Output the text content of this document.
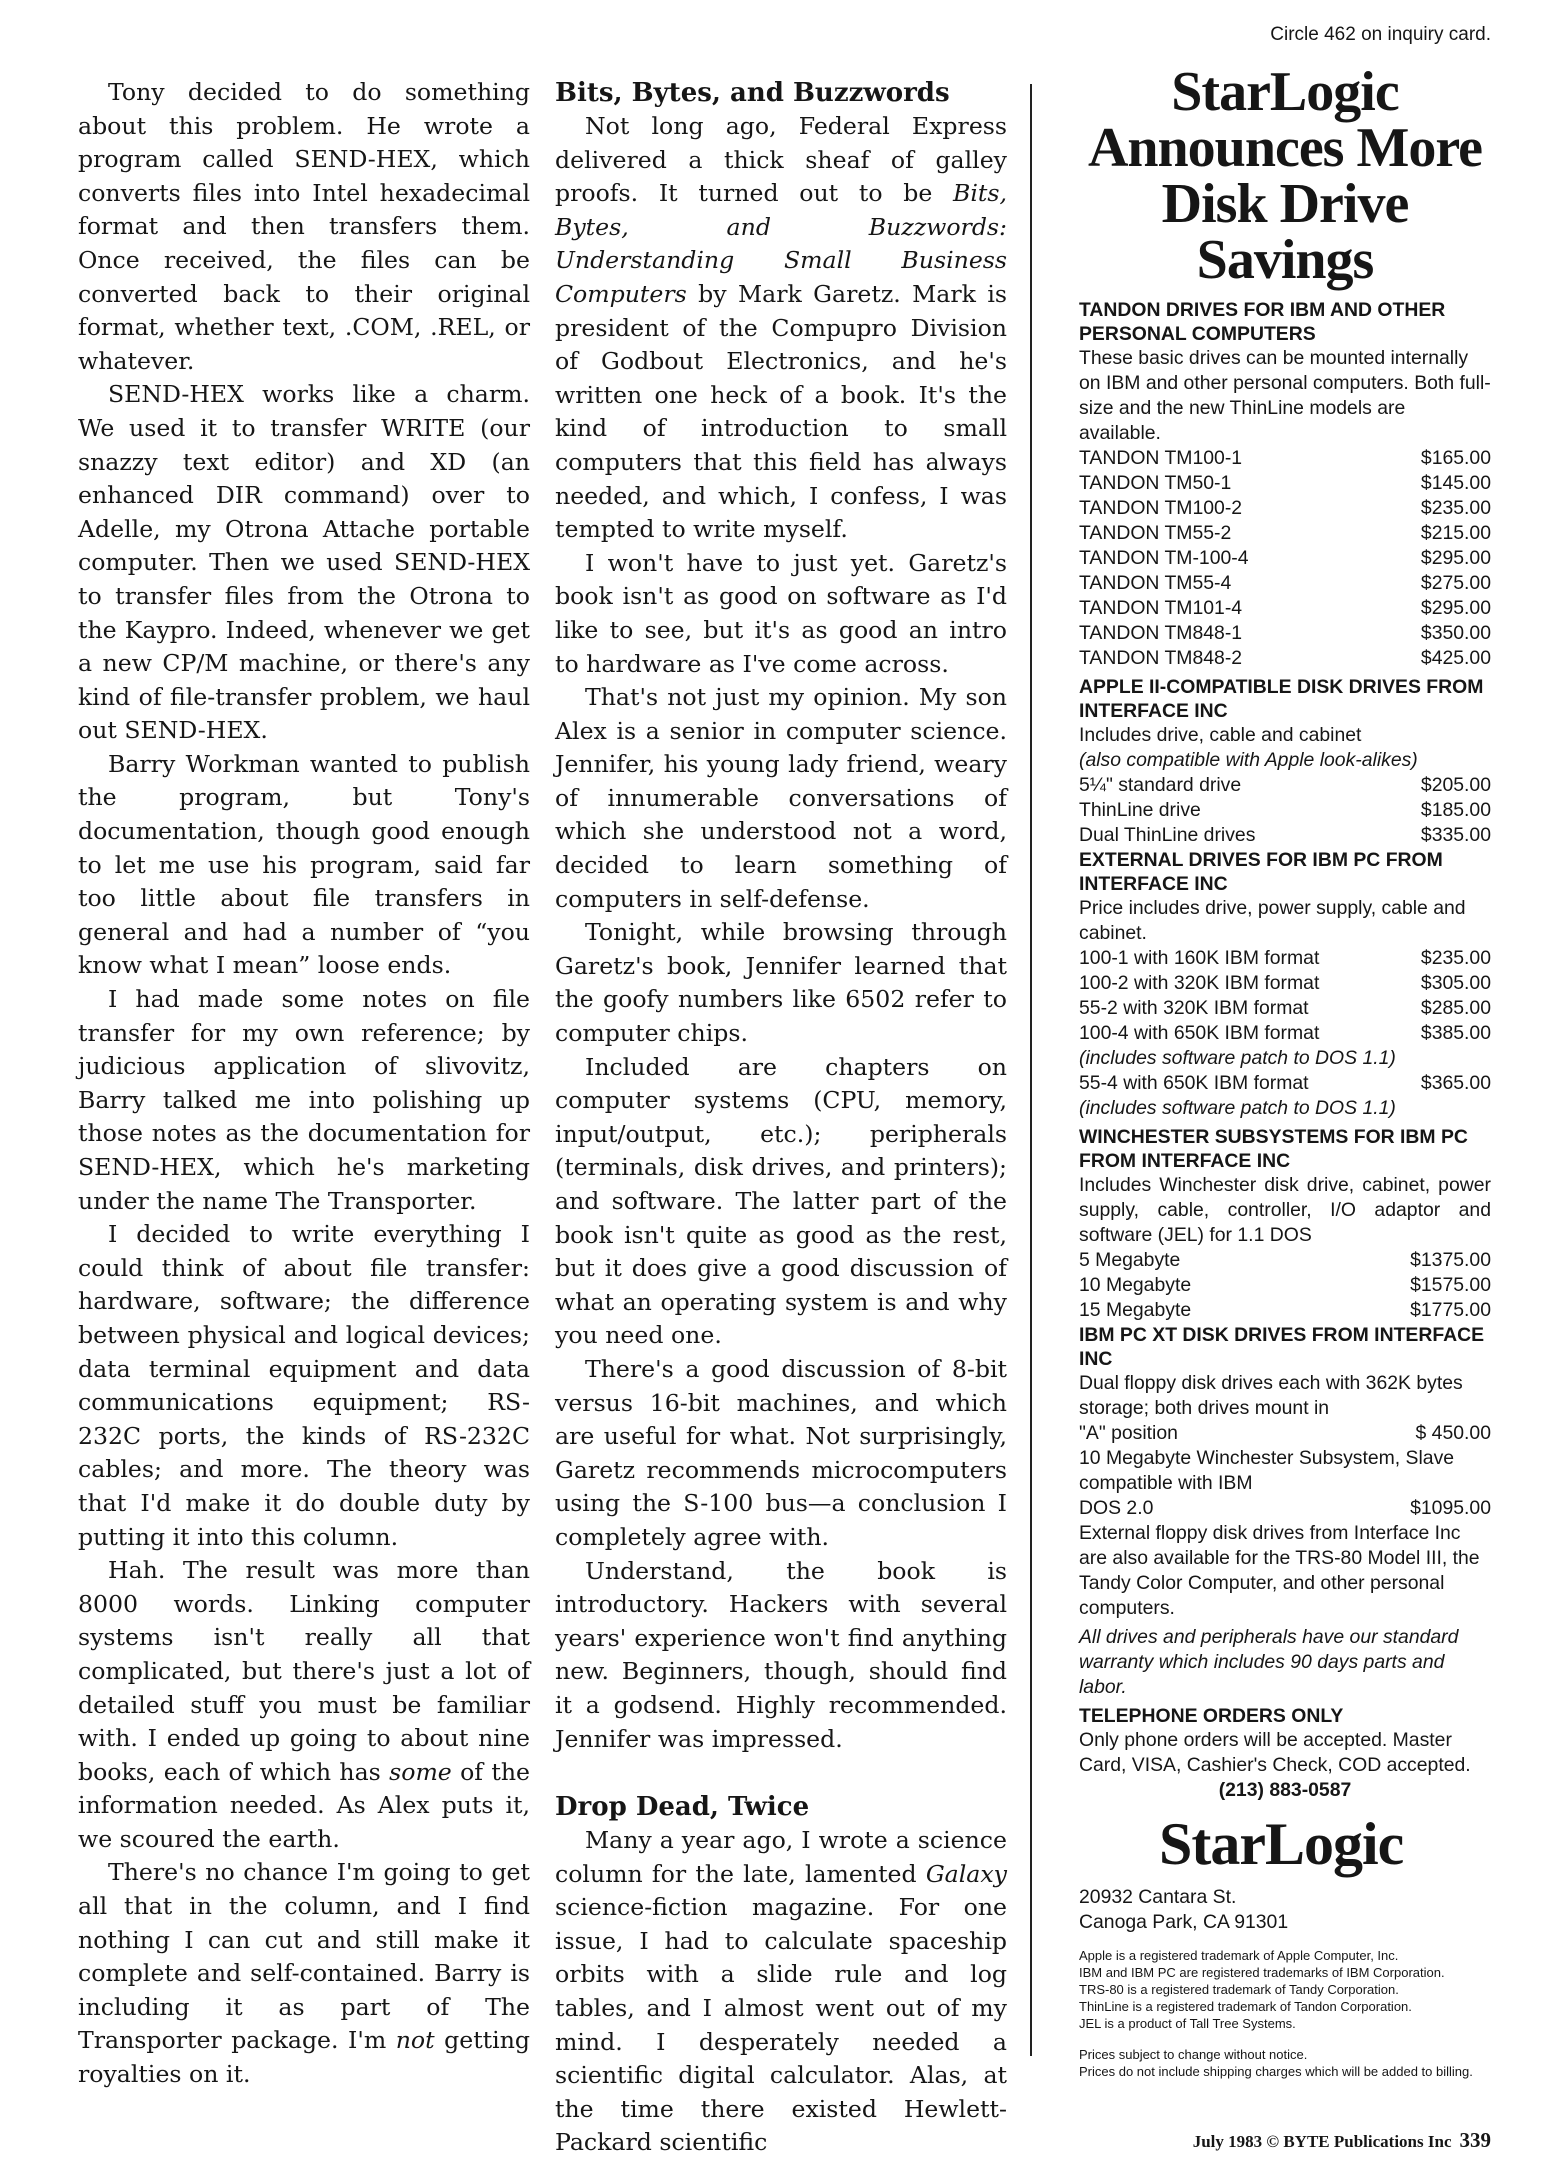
Circle 462 on inquiry card.

Tony decided to do something about this problem. He wrote a program called SEND-HEX, which converts files into Intel hexadecimal format and then transfers them. Once received, the files can be converted back to their original format, whether text, .COM, .REL, or whatever.

SEND-HEX works like a charm. We used it to transfer WRITE (our snazzy text editor) and XD (an enhanced DIR command) over to Adelle, my Otrona Attache portable computer. Then we used SEND-HEX to transfer files from the Otrona to the Kaypro. Indeed, whenever we get a new CP/M machine, or there's any kind of file-transfer problem, we haul out SEND-HEX.

Barry Workman wanted to publish the program, but Tony's documentation, though good enough to let me use his program, said far too little about file transfers in general and had a number of “you know what I mean” loose ends.

I had made some notes on file transfer for my own reference; by judicious application of slivovitz, Barry talked me into polishing up those notes as the documentation for SEND-HEX, which he's marketing under the name The Transporter.

I decided to write everything I could think of about file transfer: hardware, software; the difference between physical and logical devices; data terminal equipment and data communications equipment; RS-232C ports, the kinds of RS-232C cables; and more. The theory was that I'd make it do double duty by putting it into this column.

Hah. The result was more than 8000 words. Linking computer systems isn't really all that complicated, but there's just a lot of detailed stuff you must be familiar with. I ended up going to about nine books, each of which has some of the information needed. As Alex puts it, we scoured the earth.

There's no chance I'm going to get all that in the column, and I find nothing I can cut and still make it complete and self-contained. Barry is including it as part of The Transporter package. I'm not getting royalties on it.

Bits, Bytes, and Buzzwords

Not long ago, Federal Express delivered a thick sheaf of galley proofs. It turned out to be Bits, Bytes, and Buzzwords: Understanding Small Business Computers by Mark Garetz. Mark is president of the Compupro Division of Godbout Electronics, and he's written one heck of a book. It's the kind of introduction to small computers that this field has always needed, and which, I confess, I was tempted to write myself.

I won't have to just yet. Garetz's book isn't as good on software as I'd like to see, but it's as good an intro to hardware as I've come across.

That's not just my opinion. My son Alex is a senior in computer science. Jennifer, his young lady friend, weary of innumerable conversations of which she understood not a word, decided to learn something of computers in self-defense.

Tonight, while browsing through Garetz's book, Jennifer learned that the goofy numbers like 6502 refer to computer chips.

Included are chapters on computer systems (CPU, memory, input/output, etc.); peripherals (terminals, disk drives, and printers); and software. The latter part of the book isn't quite as good as the rest, but it does give a good discussion of what an operating system is and why you need one.

There's a good discussion of 8-bit versus 16-bit machines, and which are useful for what. Not surprisingly, Garetz recommends microcomputers using the S-100 bus—a conclusion I completely agree with.

Understand, the book is introductory. Hackers with several years' experience won't find anything new. Beginners, though, should find it a godsend. Highly recommended. Jennifer was impressed.

Drop Dead, Twice

Many a year ago, I wrote a science column for the late, lamented Galaxy science-fiction magazine. For one issue, I had to calculate spaceship orbits with a slide rule and log tables, and I almost went out of my mind. I desperately needed a scientific digital calculator. Alas, at the time there existed Hewlett-Packard scientific

StarLogic
Announces More
Disk Drive
Savings
TANDON DRIVES FOR IBM AND OTHER PERSONAL COMPUTERS
These basic drives can be mounted internally on IBM and other personal computers. Both full-size and the new ThinLine models are available.
TANDON TM100-1	$165.00
TANDON TM50-1	$145.00
TANDON TM100-2	$235.00
TANDON TM55-2	$215.00
TANDON TM-100-4	$295.00
TANDON TM55-4	$275.00
TANDON TM101-4	$295.00
TANDON TM848-1	$350.00
TANDON TM848-2	$425.00
APPLE II-COMPATIBLE DISK DRIVES FROM INTERFACE INC
Includes drive, cable and cabinet
(also compatible with Apple look-alikes)
5¼" standard drive	$205.00
ThinLine drive	$185.00
Dual ThinLine drives	$335.00
EXTERNAL DRIVES FOR IBM PC FROM INTERFACE INC
Price includes drive, power supply, cable and cabinet.
100-1 with 160K IBM format	$235.00
100-2 with 320K IBM format	$305.00
55-2 with 320K IBM format	$285.00
100-4 with 650K IBM format	$385.00
(includes software patch to DOS 1.1)
55-4 with 650K IBM format	$365.00
(includes software patch to DOS 1.1)
WINCHESTER SUBSYSTEMS FOR IBM PC FROM INTERFACE INC
Includes Winchester disk drive, cabinet, power supply, cable, controller, I/O adaptor and software (JEL) for 1.1 DOS
5 Megabyte	$1375.00
10 Megabyte	$1575.00
15 Megabyte	$1775.00
IBM PC XT DISK DRIVES FROM INTERFACE INC
Dual floppy disk drives each with 362K bytes storage; both drives mount in
"A" position	$ 450.00
10 Megabyte Winchester Subsystem, Slave compatible with IBM
DOS 2.0	$1095.00
External floppy disk drives from Interface Inc are also available for the TRS-80 Model III, the Tandy Color Computer, and other personal computers.
All drives and peripherals have our standard warranty which includes 90 days parts and labor.
TELEPHONE ORDERS ONLY
Only phone orders will be accepted. Master Card, VISA, Cashier's Check, COD accepted.
(213) 883-0587
StarLogic
20932 Cantara St.
Canoga Park, CA 91301
Apple is a registered trademark of Apple Computer, Inc.
IBM and IBM PC are registered trademarks of IBM Corporation.
TRS-80 is a registered trademark of Tandy Corporation.
ThinLine is a registered trademark of Tandon Corporation.
JEL is a product of Tall Tree Systems.
Prices subject to change without notice.
Prices do not include shipping charges which will be added to billing.
July 1983 © BYTE Publications Inc 339
